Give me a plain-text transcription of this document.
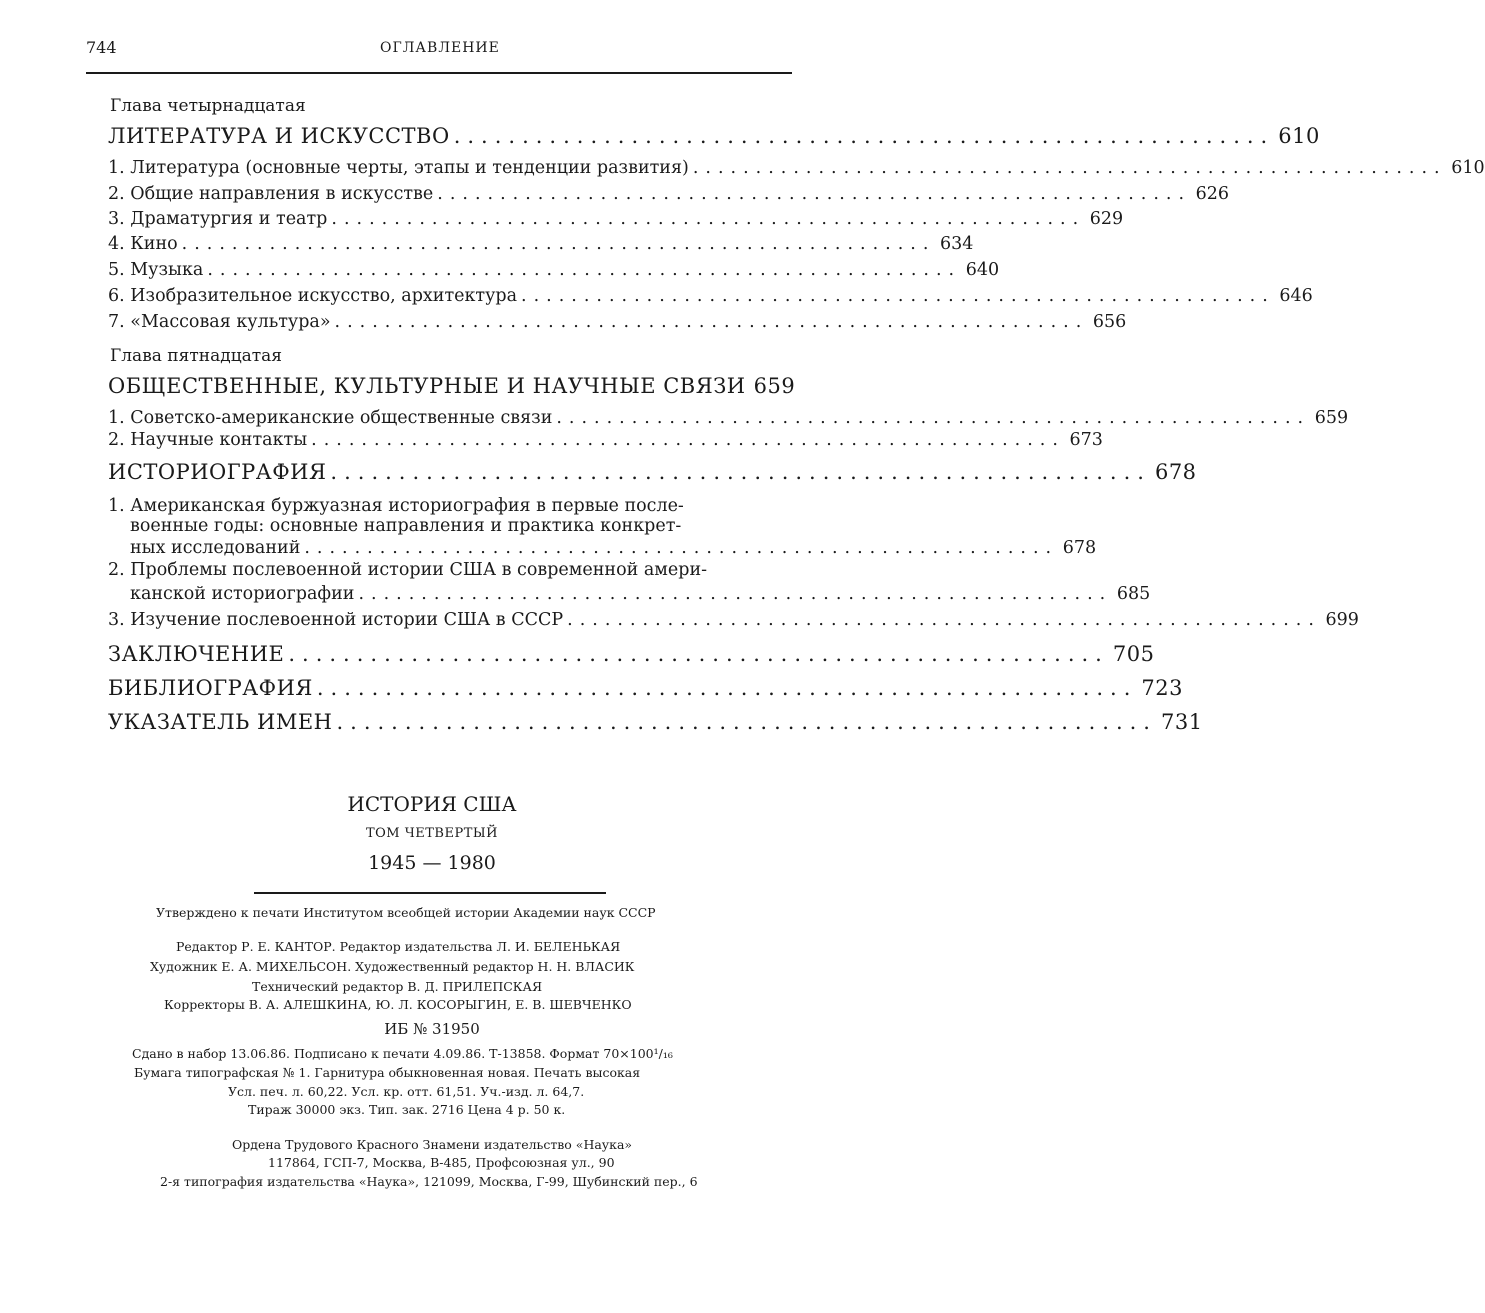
744	ОГЛАВЛЕНИЕ
Глава четырнадцатая
ЛИТЕРАТУРА И ИСКУССТВО ............................................................ 610
1. Литература (основные черты, этапы и тенденции развития) ............................................................ 610
2. Общие направления в искусстве ............................................................ 626
3. Драматургия и театр ............................................................ 629
4. Кино ............................................................ 634
5. Музыка ............................................................ 640
6. Изобразительное искусство, архитектура ............................................................ 646
7. «Массовая культура» ............................................................ 656
Глава пятнадцатая
ОБЩЕСТВЕННЫЕ, КУЛЬТУРНЫЕ И НАУЧНЫЕ СВЯЗИ 659
1. Советско-американские общественные связи ............................................................ 659
2. Научные контакты ............................................................ 673
ИСТОРИОГРАФИЯ ............................................................ 678
1. Американская буржуазная историография в первые после-
военные годы: основные направления и практика конкрет-
ных исследований ............................................................ 678
2. Проблемы послевоенной истории США в современной амери-
канской историографии ............................................................ 685
3. Изучение послевоенной истории США в СССР ............................................................ 699
ЗАКЛЮЧЕНИЕ ............................................................ 705
БИБЛИОГРАФИЯ ............................................................ 723
УКАЗАТЕЛЬ ИМЕН ............................................................ 731
ИСТОРИЯ США
ТОМ ЧЕТВЕРТЫЙ
1945 — 1980
Утверждено к печати Институтом всеобщей истории Академии наук СССР
Редактор Р. Е. КАНТОР. Редактор издательства Л. И. БЕЛЕНЬКАЯ
Художник Е. А. МИХЕЛЬСОН. Художественный редактор Н. Н. ВЛАСИК
Технический редактор В. Д. ПРИЛЕПСКАЯ
Корректоры В. А. АЛЕШКИНА, Ю. Л. КОСОРЫГИН, Е. В. ШЕВЧЕНКО
ИБ № 31950
Сдано в набор 13.06.86. Подписано к печати 4.09.86. Т-13858. Формат 70×100¹/₁₆
Бумага типографская № 1. Гарнитура обыкновенная новая. Печать высокая
Усл. печ. л. 60,22. Усл. кр. отт. 61,51. Уч.-изд. л. 64,7.
Тираж 30000 экз. Тип. зак. 2716 Цена 4 р. 50 к.
Ордена Трудового Красного Знамени издательство «Наука»
117864, ГСП-7, Москва, В-485, Профсоюзная ул., 90
2-я типография издательства «Наука», 121099, Москва, Г-99, Шубинский пер., 6
